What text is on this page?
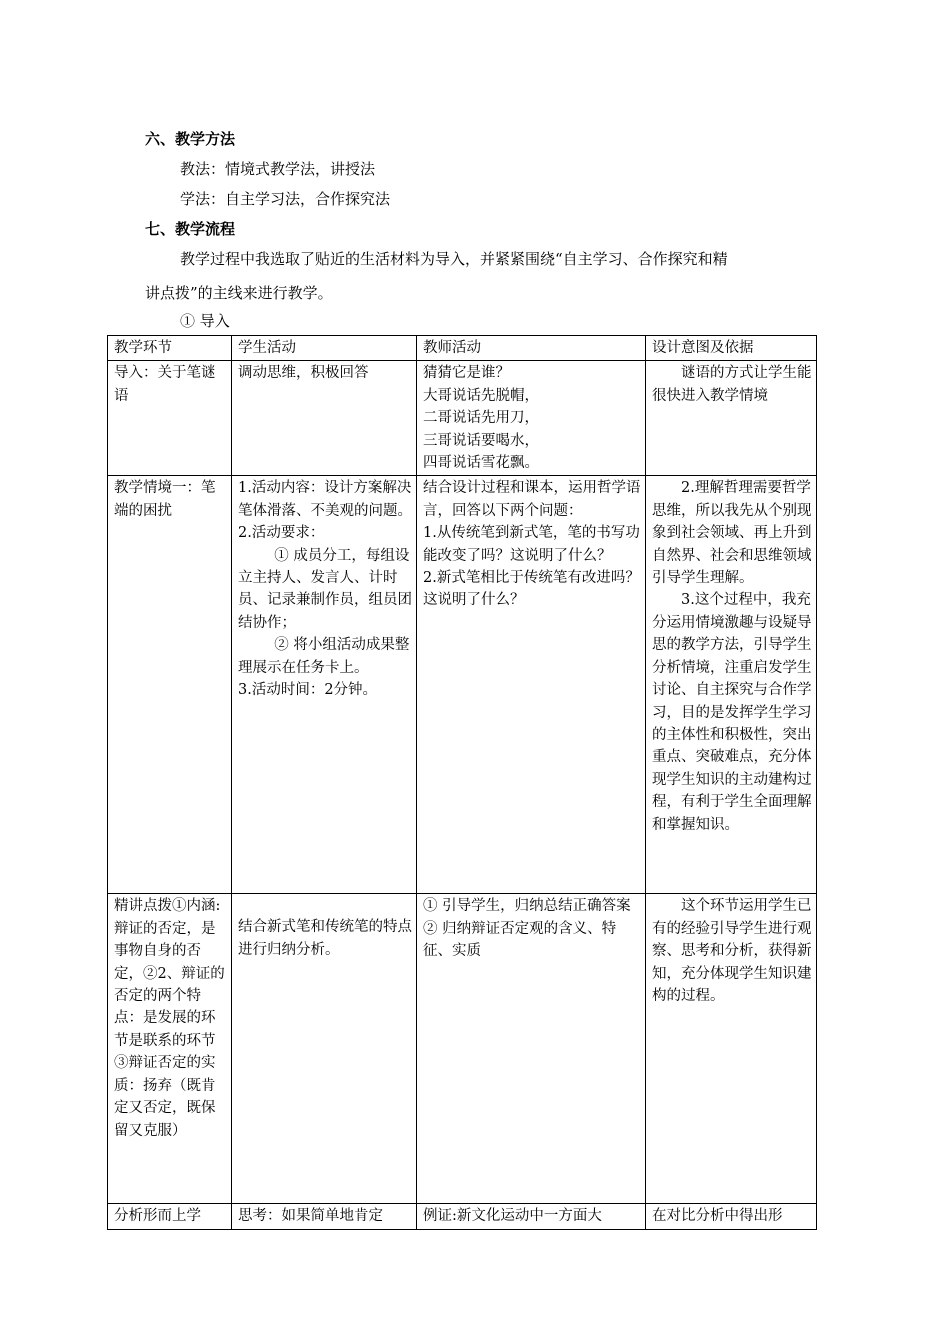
六、教学方法
教法：情境式教学法，讲授法
学法：自主学习法，合作探究法
七、教学流程
教学过程中我选取了贴近的生活材料为导入，并紧紧围绕“自主学习、合作探究和精
讲点拨”的主线来进行教学。
① 导入
教学环节	学生活动	教师活动	设计意图及依据
导入：关于笔谜语	调动思维，积极回答	猜猜它是谁？
大哥说话先脱帽，
二哥说话先用刀，
三哥说话要喝水，
四哥说话雪花飘。	谜语的方式让学生能很快进入教学情境

教学情境一：笔端的困扰	1.活动内容：设计方案解决笔体滑落、不美观的问题。
2.活动要求：
① 成员分工，每组设立主持人、发言人、计时员、记录兼制作员，组员团结协作；
② 将小组活动成果整理展示在任务卡上。
3.活动时间：2分钟。	结合设计过程和课本，运用哲学语言，回答以下两个问题：
1.从传统笔到新式笔，笔的书写功能改变了吗？这说明了什么？
2.新式笔相比于传统笔有改进吗？这说明了什么？	2.理解哲理需要哲学思维，所以我先从个别现象到社会领域、再上升到自然界、社会和思维领域引导学生理解。
3.这个过程中，我充分运用情境激趣与设疑导思的教学方法，引导学生分析情境，注重启发学生讨论、自主探究与合作学习，目的是发挥学生学习的主体性和积极性，突出重点、突破难点，充分体现学生知识的主动建构过程，有利于学生全面理解和掌握知识。

精讲点拨①内涵:辩证的否定，是事物自身的否定，②2、辩证的否定的两个特点：是发展的环节是联系的环节③辩证否定的实质：扬弃（既肯定又否定，既保留又克服）	结合新式笔和传统笔的特点进行归纳分析。	① 引导学生，归纳总结正确答案
② 归纳辩证否定观的含义、特征、实质	这个环节运用学生已有的经验引导学生进行观察、思考和分析，获得新知，充分体现学生知识建构的过程。

分析形而上学	思考：如果简单地肯定	例证:新文化运动中一方面大	在对比分析中得出形
